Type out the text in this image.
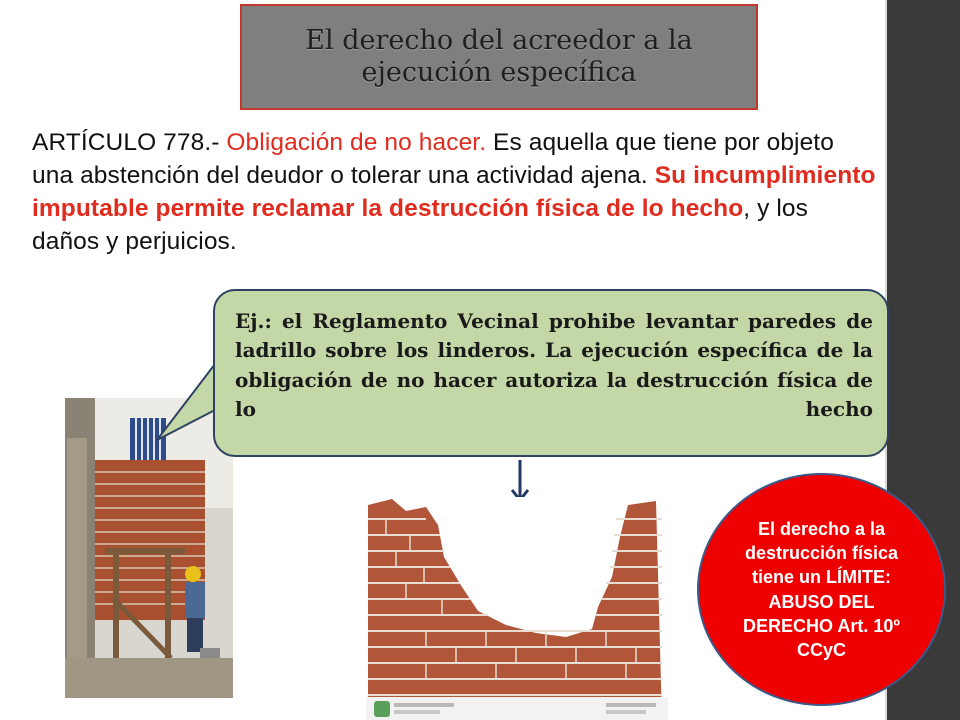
El derecho del acreedor a la ejecución específica
ARTÍCULO 778.- Obligación de no hacer. Es aquella que tiene por objeto una abstención del deudor o tolerar una actividad ajena. Su incumplimiento imputable permite reclamar la destrucción física de lo hecho, y los daños y perjuicios.
Ej.: el Reglamento Vecinal prohibe levantar paredes de ladrillo sobre los linderos. La ejecución específica de la obligación de no hacer autoriza la destrucción física de lo hecho
El derecho a la destrucción física tiene un LÍMITE: ABUSO DEL DERECHO Art. 10º CCyC
